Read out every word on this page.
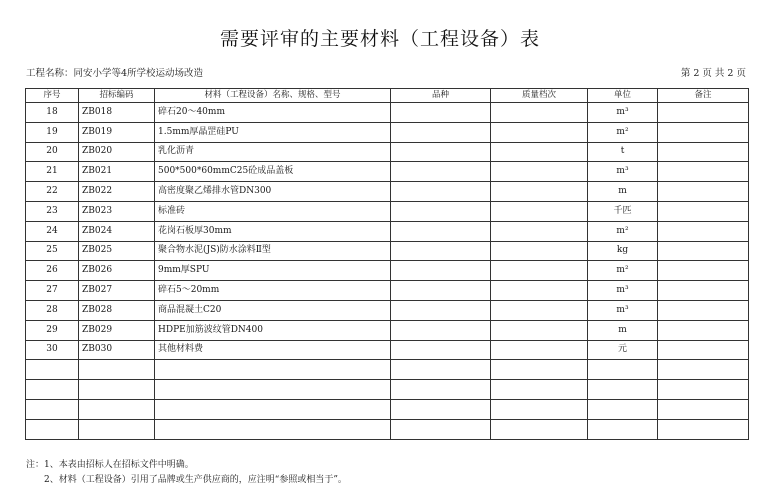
需要评审的主要材料（工程设备）表
工程名称：同安小学等4所学校运动场改造	第 2 页 共 2 页
序号	招标编码	材料（工程设备）名称、规格、型号	品种	质量档次	单位	备注
18	ZB018	碎石20～40mm			m³	
19	ZB019	1.5mm厚晶罡硅PU			m²	
20	ZB020	乳化沥青			t	
21	ZB021	500*500*60mmC25砼成品盖板			m³	
22	ZB022	高密度聚乙烯排水管DN300			m	
23	ZB023	标准砖			千匹	
24	ZB024	花岗石板厚30mm			m²	
25	ZB025	聚合物水泥(JS)防水涂料Ⅱ型			kg	
26	ZB026	9mm厚SPU			m²	
27	ZB027	碎石5～20mm			m³	
28	ZB028	商品混凝土C20			m³	
29	ZB029	HDPE加筋波纹管DN400			m	
30	ZB030	其他材料费			元	

注：1、本表由招标人在招标文件中明确。
2、材料（工程设备）引用了品牌或生产供应商的，应注明“参照或相当于”。
